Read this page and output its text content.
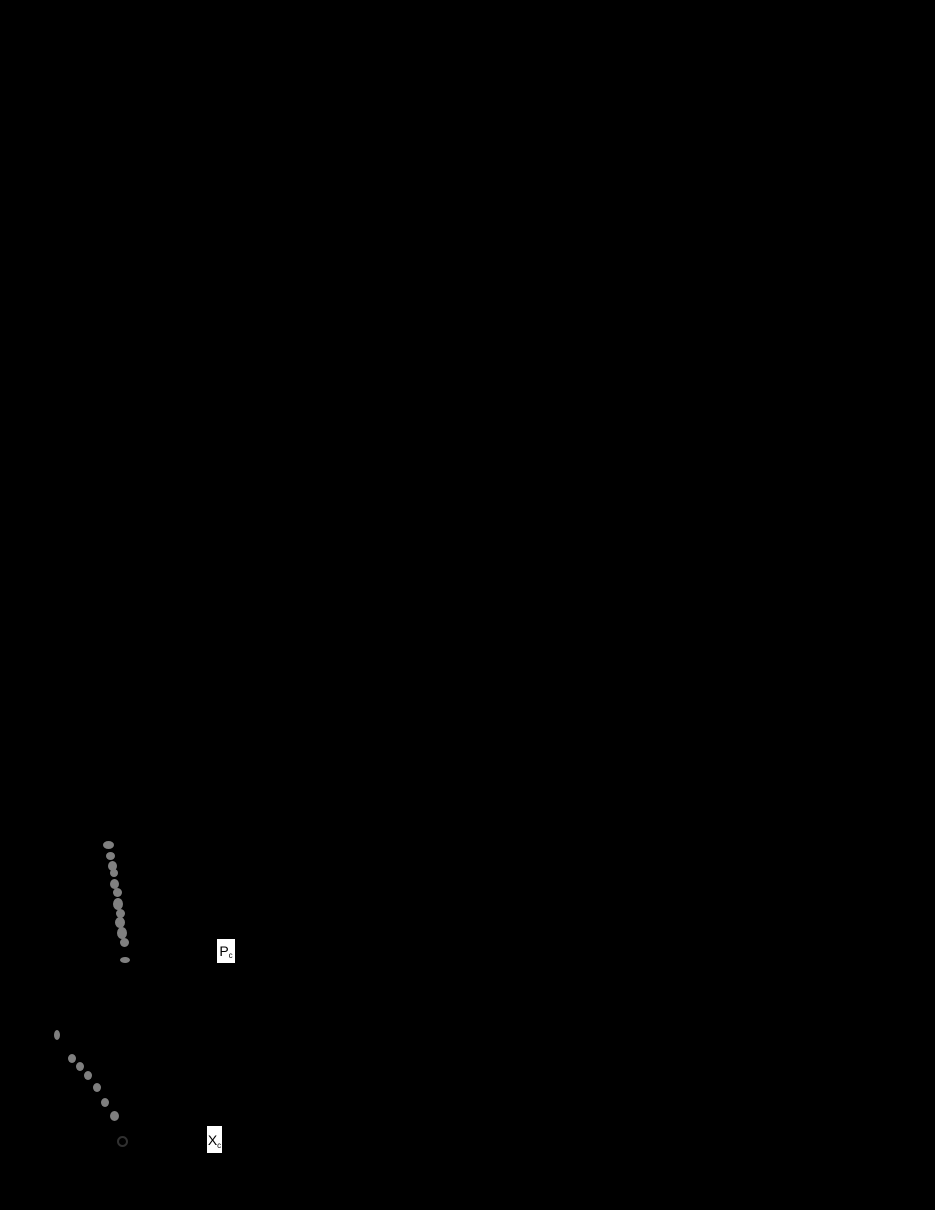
P c
X c
